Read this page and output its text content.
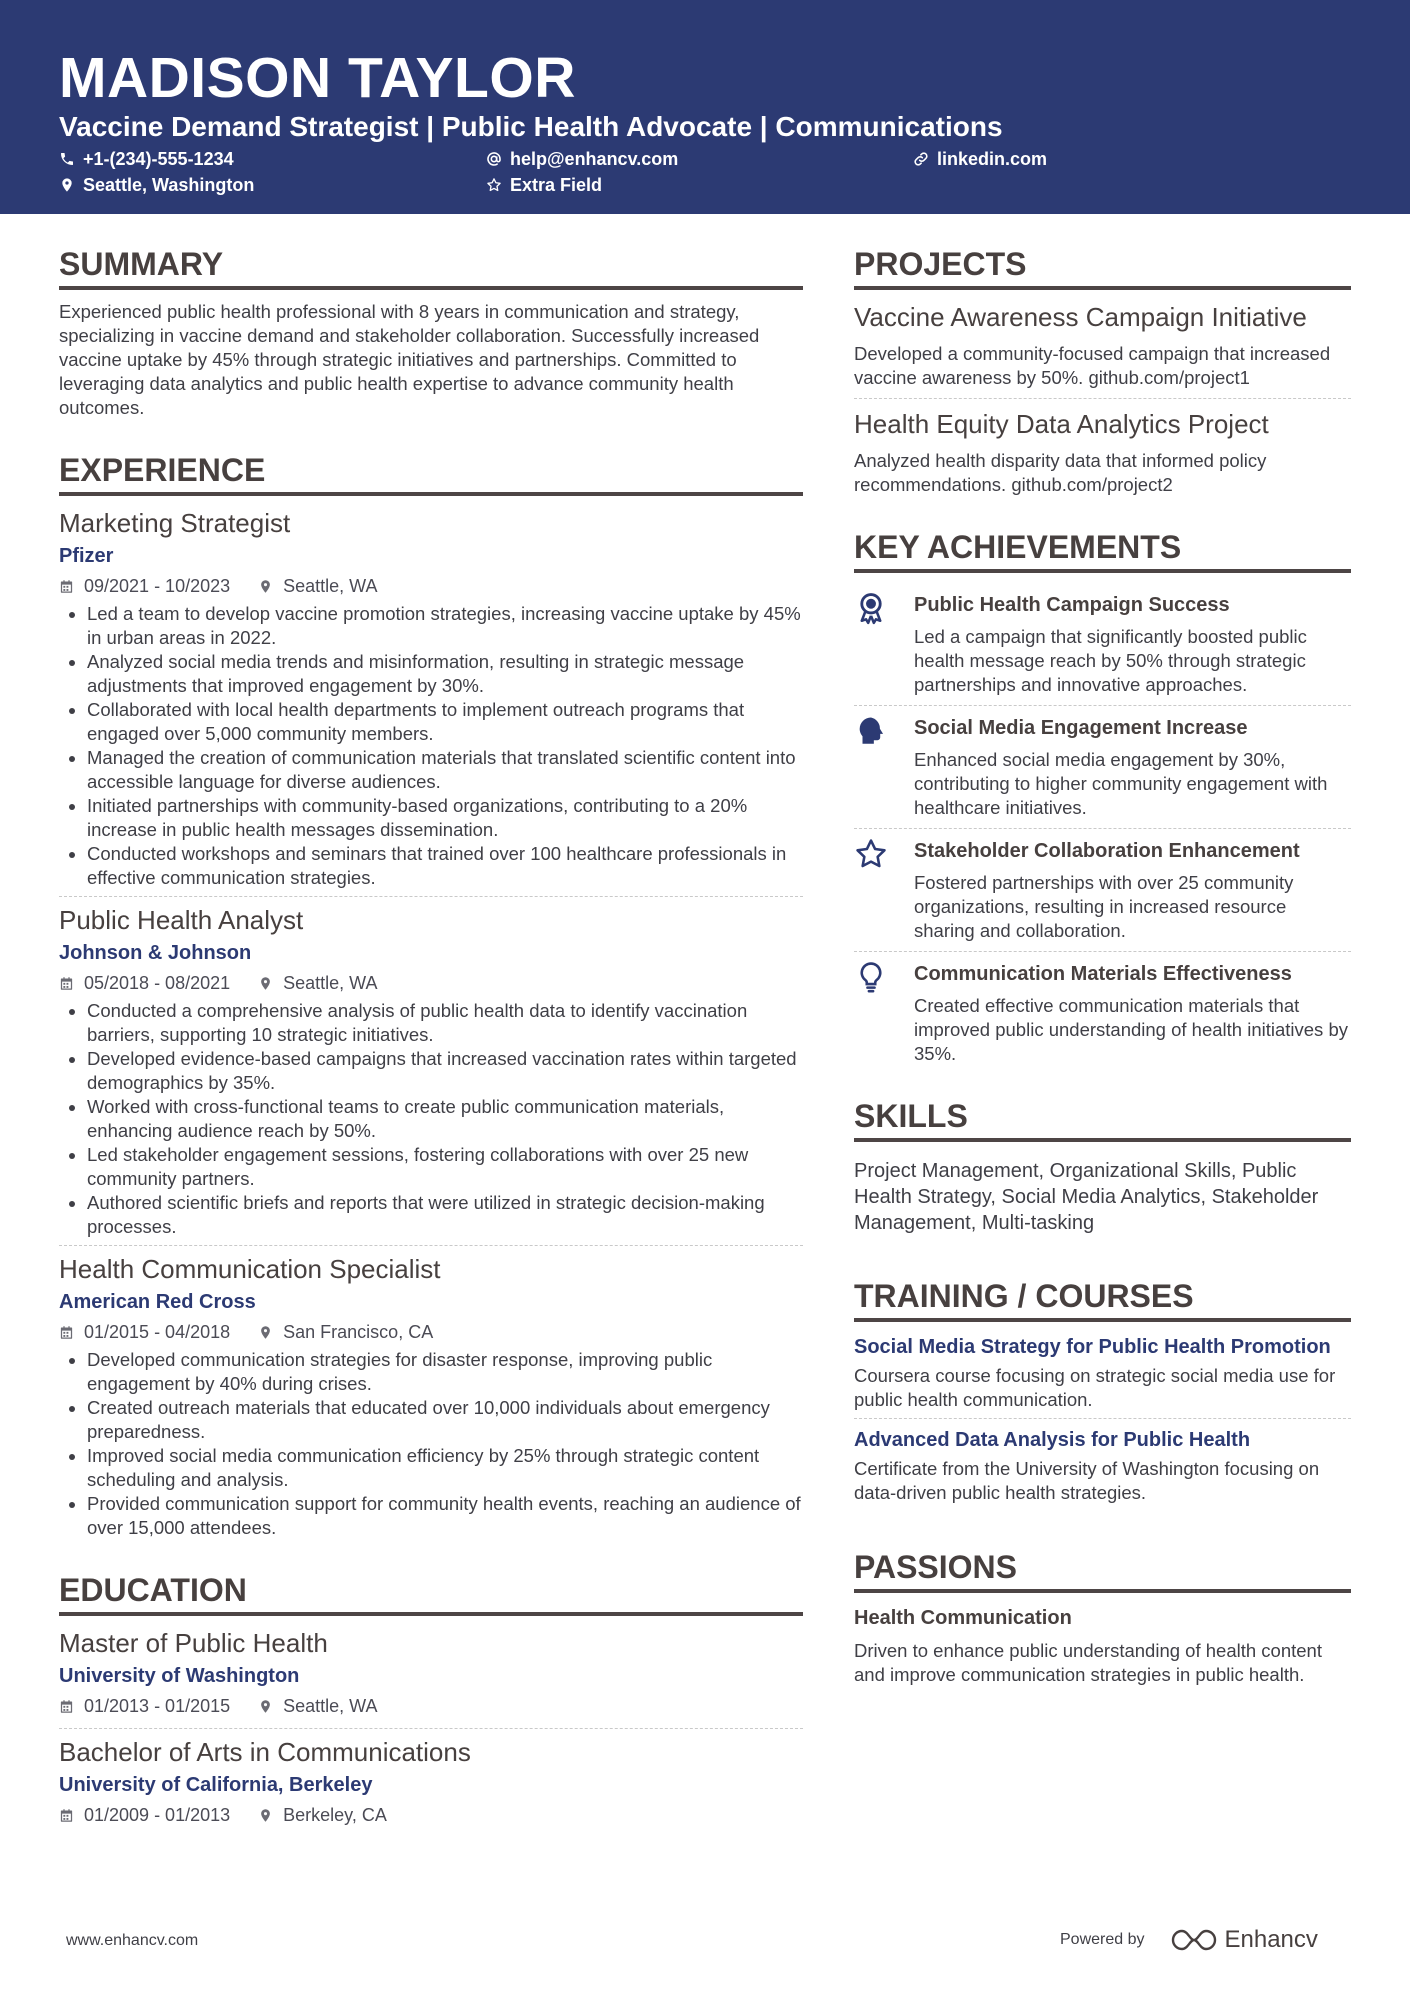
MADISON TAYLOR
Vaccine Demand Strategist | Public Health Advocate | Communications
+1-(234)-555-1234	help@enhancv.com	linkedin.com
Seattle, Washington	Extra Field
SUMMARY

Experienced public health professional with 8 years in communication and strategy, specializing in vaccine demand and stakeholder collaboration. Successfully increased vaccine uptake by 45% through strategic initiatives and partnerships. Committed to leveraging data analytics and public health expertise to advance community health outcomes.

EXPERIENCE
Marketing Strategist
Pfizer
09/2021 - 10/2023	Seattle, WA
• Led a team to develop vaccine promotion strategies, increasing vaccine uptake by 45% in urban areas in 2022.
• Analyzed social media trends and misinformation, resulting in strategic message adjustments that improved engagement by 30%.
• Collaborated with local health departments to implement outreach programs that engaged over 5,000 community members.
• Managed the creation of communication materials that translated scientific content into accessible language for diverse audiences.
• Initiated partnerships with community-based organizations, contributing to a 20% increase in public health messages dissemination.
• Conducted workshops and seminars that trained over 100 healthcare professionals in effective communication strategies.
Public Health Analyst
Johnson & Johnson
05/2018 - 08/2021	Seattle, WA
• Conducted a comprehensive analysis of public health data to identify vaccination barriers, supporting 10 strategic initiatives.
• Developed evidence-based campaigns that increased vaccination rates within targeted demographics by 35%.
• Worked with cross-functional teams to create public communication materials, enhancing audience reach by 50%.
• Led stakeholder engagement sessions, fostering collaborations with over 25 new community partners.
• Authored scientific briefs and reports that were utilized in strategic decision-making processes.
Health Communication Specialist
American Red Cross
01/2015 - 04/2018	San Francisco, CA
• Developed communication strategies for disaster response, improving public engagement by 40% during crises.
• Created outreach materials that educated over 10,000 individuals about emergency preparedness.
• Improved social media communication efficiency by 25% through strategic content scheduling and analysis.
• Provided communication support for community health events, reaching an audience of over 15,000 attendees.
EDUCATION
Master of Public Health
University of Washington
01/2013 - 01/2015	Seattle, WA
Bachelor of Arts in Communications
University of California, Berkeley
01/2009 - 01/2013	Berkeley, CA
PROJECTS
Vaccine Awareness Campaign Initiative
Developed a community-focused campaign that increased vaccine awareness by 50%. github.com/project1
Health Equity Data Analytics Project
Analyzed health disparity data that informed policy recommendations. github.com/project2
KEY ACHIEVEMENTS
Public Health Campaign Success
Led a campaign that significantly boosted public health message reach by 50% through strategic partnerships and innovative approaches.
Social Media Engagement Increase
Enhanced social media engagement by 30%, contributing to higher community engagement with healthcare initiatives.
Stakeholder Collaboration Enhancement
Fostered partnerships with over 25 community organizations, resulting in increased resource sharing and collaboration.
Communication Materials Effectiveness
Created effective communication materials that improved public understanding of health initiatives by 35%.
SKILLS

Project Management, Organizational Skills, Public Health Strategy, Social Media Analytics, Stakeholder Management, Multi-tasking

TRAINING / COURSES
Social Media Strategy for Public Health Promotion
Coursera course focusing on strategic social media use for public health communication.
Advanced Data Analysis for Public Health
Certificate from the University of Washington focusing on data-driven public health strategies.
PASSIONS
Health Communication
Driven to enhance public understanding of health content and improve communication strategies in public health.
www.enhancv.com	Powered by	Enhancv
